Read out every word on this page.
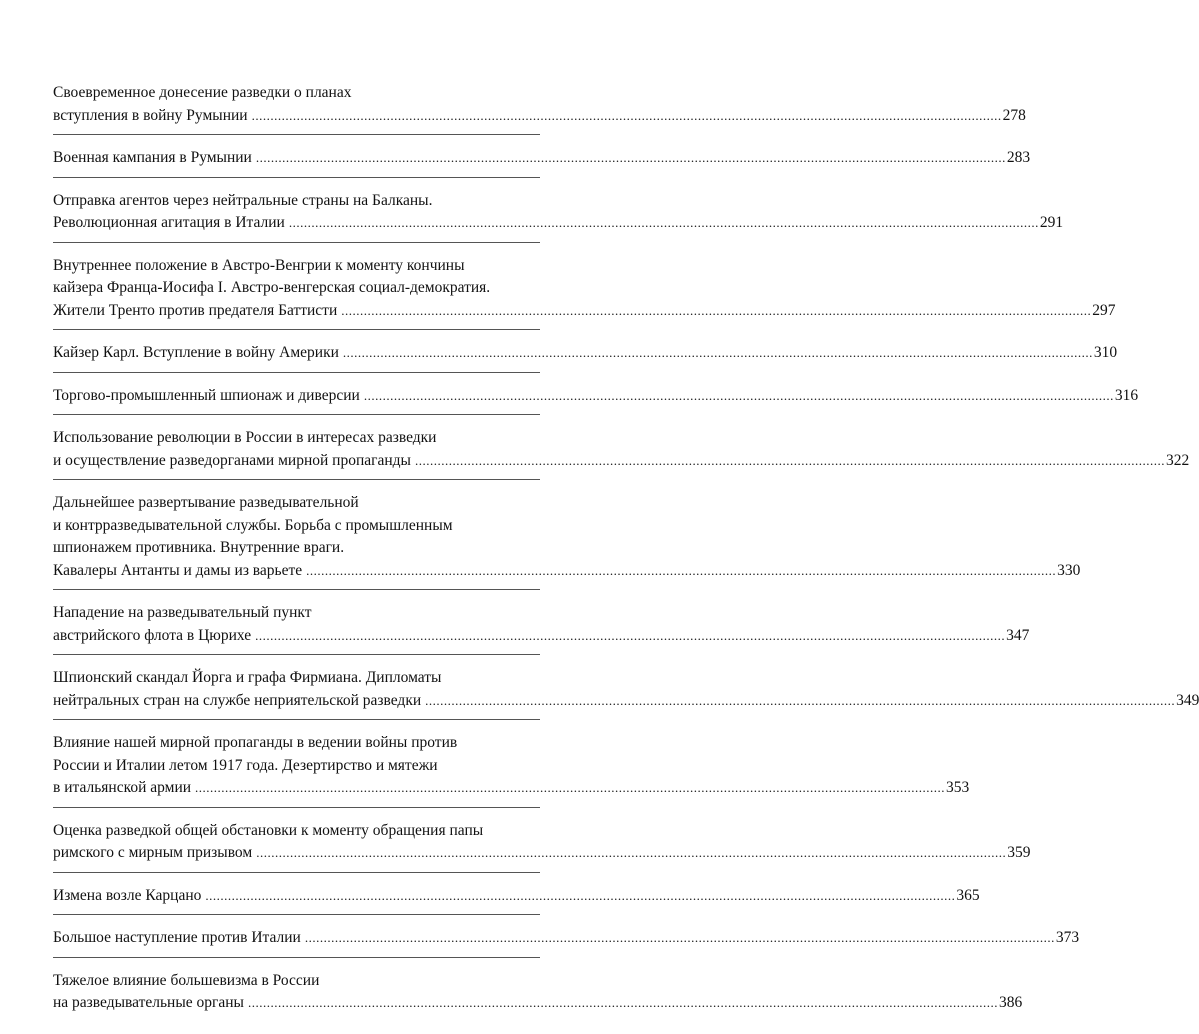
Своевременное донесение разведки о планах
вступления в войну Румынии ........................................................................................................................................................................................................ 278
Военная кампания в Румынии ........................................................................................................................................................................................................ 283
Отправка агентов через нейтральные страны на Балканы.
Революционная агитация в Италии ........................................................................................................................................................................................................ 291
Внутреннее положение в Австро-Венгрии к моменту кончины
кайзера Франца-Иосифа I. Австро-венгерская социал-демократия.
Жители Тренто против предателя Баттисти ........................................................................................................................................................................................................ 297
Кайзер Карл. Вступление в войну Америки ........................................................................................................................................................................................................ 310
Торгово-промышленный шпионаж и диверсии ........................................................................................................................................................................................................ 316
Использование революции в России в интересах разведки
и осуществление разведорганами мирной пропаганды ........................................................................................................................................................................................................ 322
Дальнейшее развертывание разведывательной
и контрразведывательной службы. Борьба с промышленным
шпионажем противника. Внутренние враги.
Кавалеры Антанты и дамы из варьете ........................................................................................................................................................................................................ 330
Нападение на разведывательный пункт
австрийского флота в Цюрихе ........................................................................................................................................................................................................ 347
Шпионский скандал Йорга и графа Фирмиана. Дипломаты
нейтральных стран на службе неприятельской разведки ........................................................................................................................................................................................................ 349
Влияние нашей мирной пропаганды в ведении войны против
России и Италии летом 1917 года. Дезертирство и мятежи
в итальянской армии ........................................................................................................................................................................................................ 353
Оценка разведкой общей обстановки к моменту обращения папы
римского с мирным призывом ........................................................................................................................................................................................................ 359
Измена возле Карцано ........................................................................................................................................................................................................ 365
Большое наступление против Италии ........................................................................................................................................................................................................ 373
Тяжелое влияние большевизма в России
на разведывательные органы ........................................................................................................................................................................................................ 386
